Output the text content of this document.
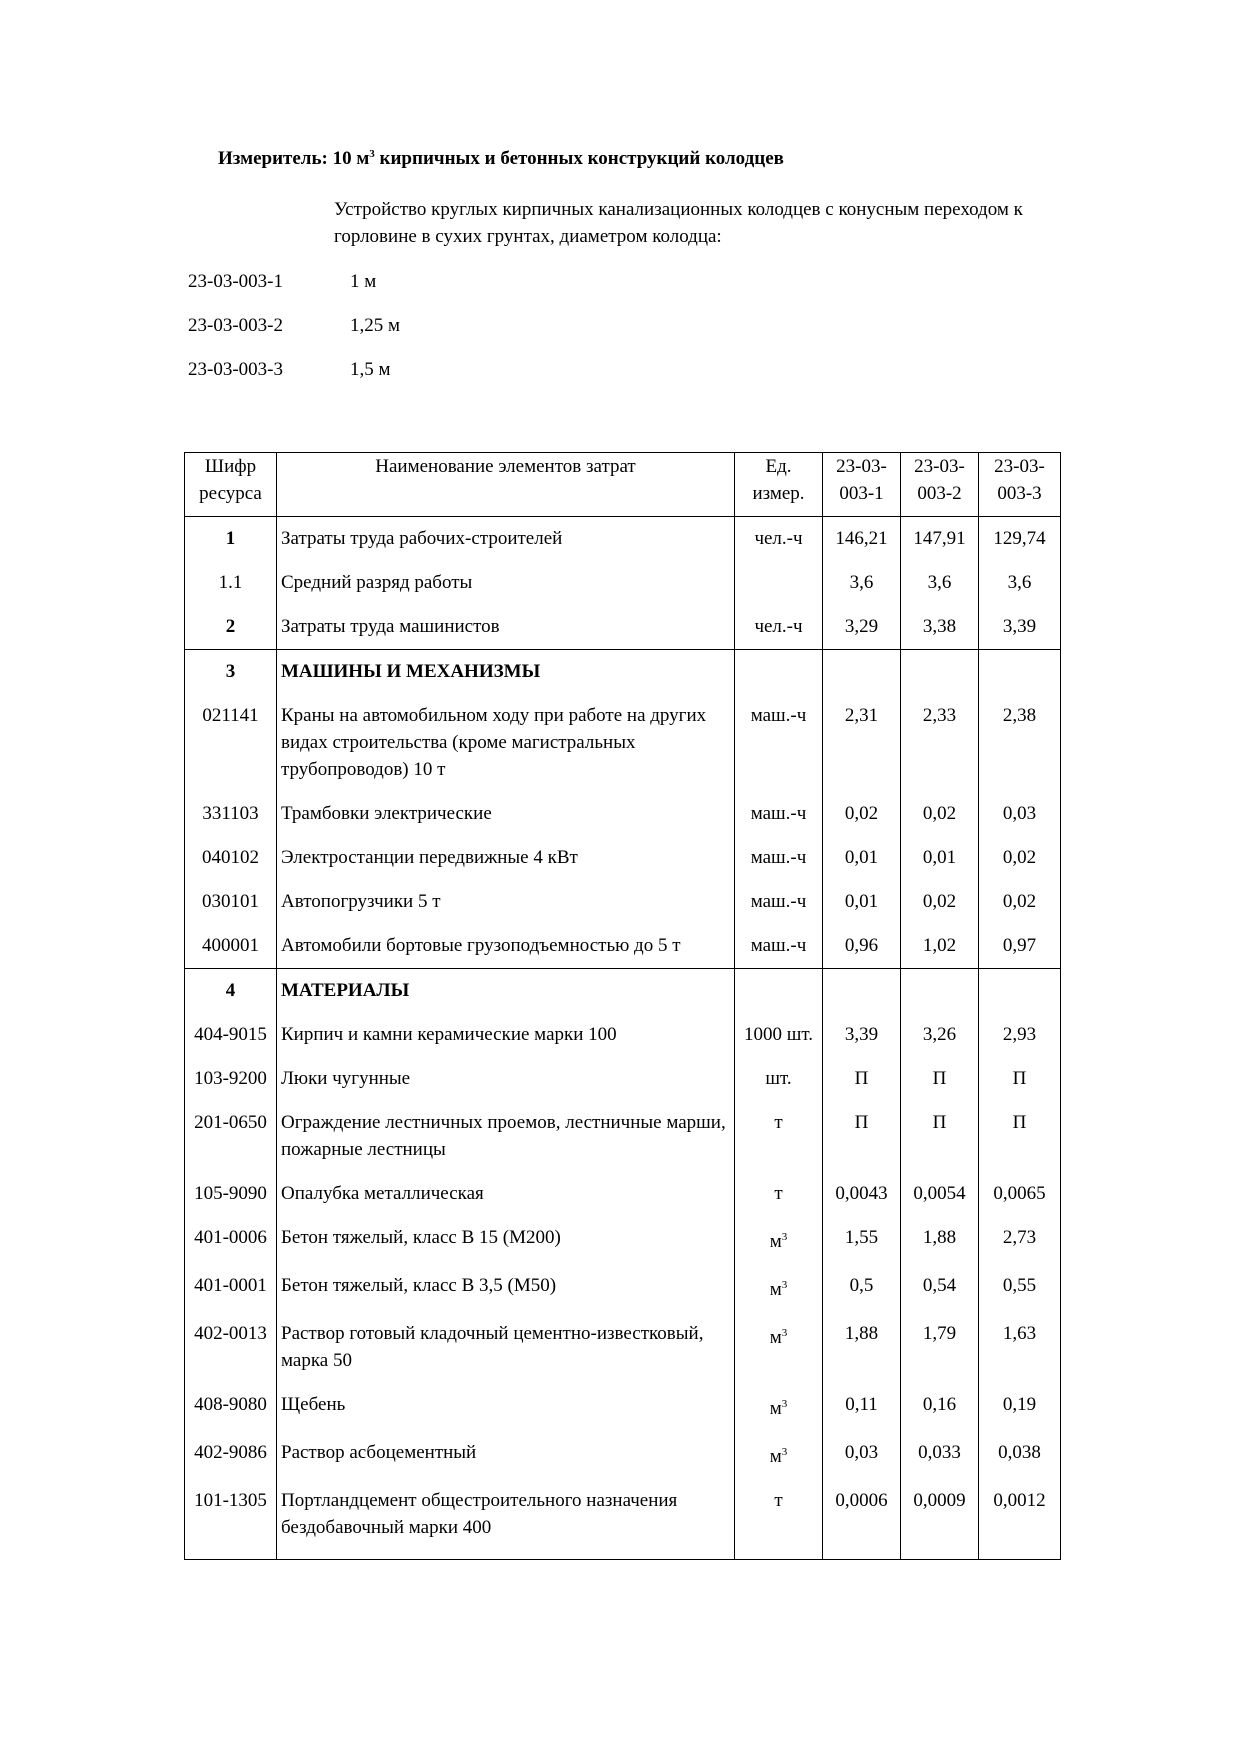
Измеритель: 10 $м^3$ кирпичных и бетонных конструкций колодцев
Устройство круглых кирпичных канализационных колодцев с конусным переходом к горловине в сухих грунтах, диаметром колодца:
23-03-003-1	1 м
23-03-003-2	1,25 м
23-03-003-3	1,5 м
Шифр ресурса	Наименование элементов затрат	Ед. измер.	23-03-003-1	23-03-003-2	23-03-003-3
1	Затраты труда рабочих-строителей	чел.-ч	146,21	147,91	129,74
1.1	Средний разряд работы		3,6	3,6	3,6
2	Затраты труда машинистов	чел.-ч	3,29	3,38	3,39
3	МАШИНЫ И МЕХАНИЗМЫ				
021141	Краны на автомобильном ходу при работе на других видах строительства (кроме магистральных трубопроводов) 10 т	маш.-ч	2,31	2,33	2,38
331103	Трамбовки электрические	маш.-ч	0,02	0,02	0,03
040102	Электростанции передвижные 4 кВт	маш.-ч	0,01	0,01	0,02
030101	Автопогрузчики 5 т	маш.-ч	0,01	0,02	0,02
400001	Автомобили бортовые грузоподъемностью до 5 т	маш.-ч	0,96	1,02	0,97
4	МАТЕРИАЛЫ				
404-9015	Кирпич и камни керамические марки 100	1000 шт.	3,39	3,26	2,93
103-9200	Люки чугунные	шт.	П	П	П
201-0650	Ограждение лестничных проемов, лестничные марши, пожарные лестницы	т	П	П	П
105-9090	Опалубка металлическая	т	0,0043	0,0054	0,0065
401-0006	Бетон тяжелый, класс В 15 (М200)	$м^3$	1,55	1,88	2,73
401-0001	Бетон тяжелый, класс В 3,5 (М50)	$м^3$	0,5	0,54	0,55
402-0013	Раствор готовый кладочный цементно-известковый, марка 50	$м^3$	1,88	1,79	1,63
408-9080	Щебень	$м^3$	0,11	0,16	0,19
402-9086	Раствор асбоцементный	$м^3$	0,03	0,033	0,038
101-1305	Портландцемент общестроительного назначения бездобавочный марки 400	т	0,0006	0,0009	0,0012
